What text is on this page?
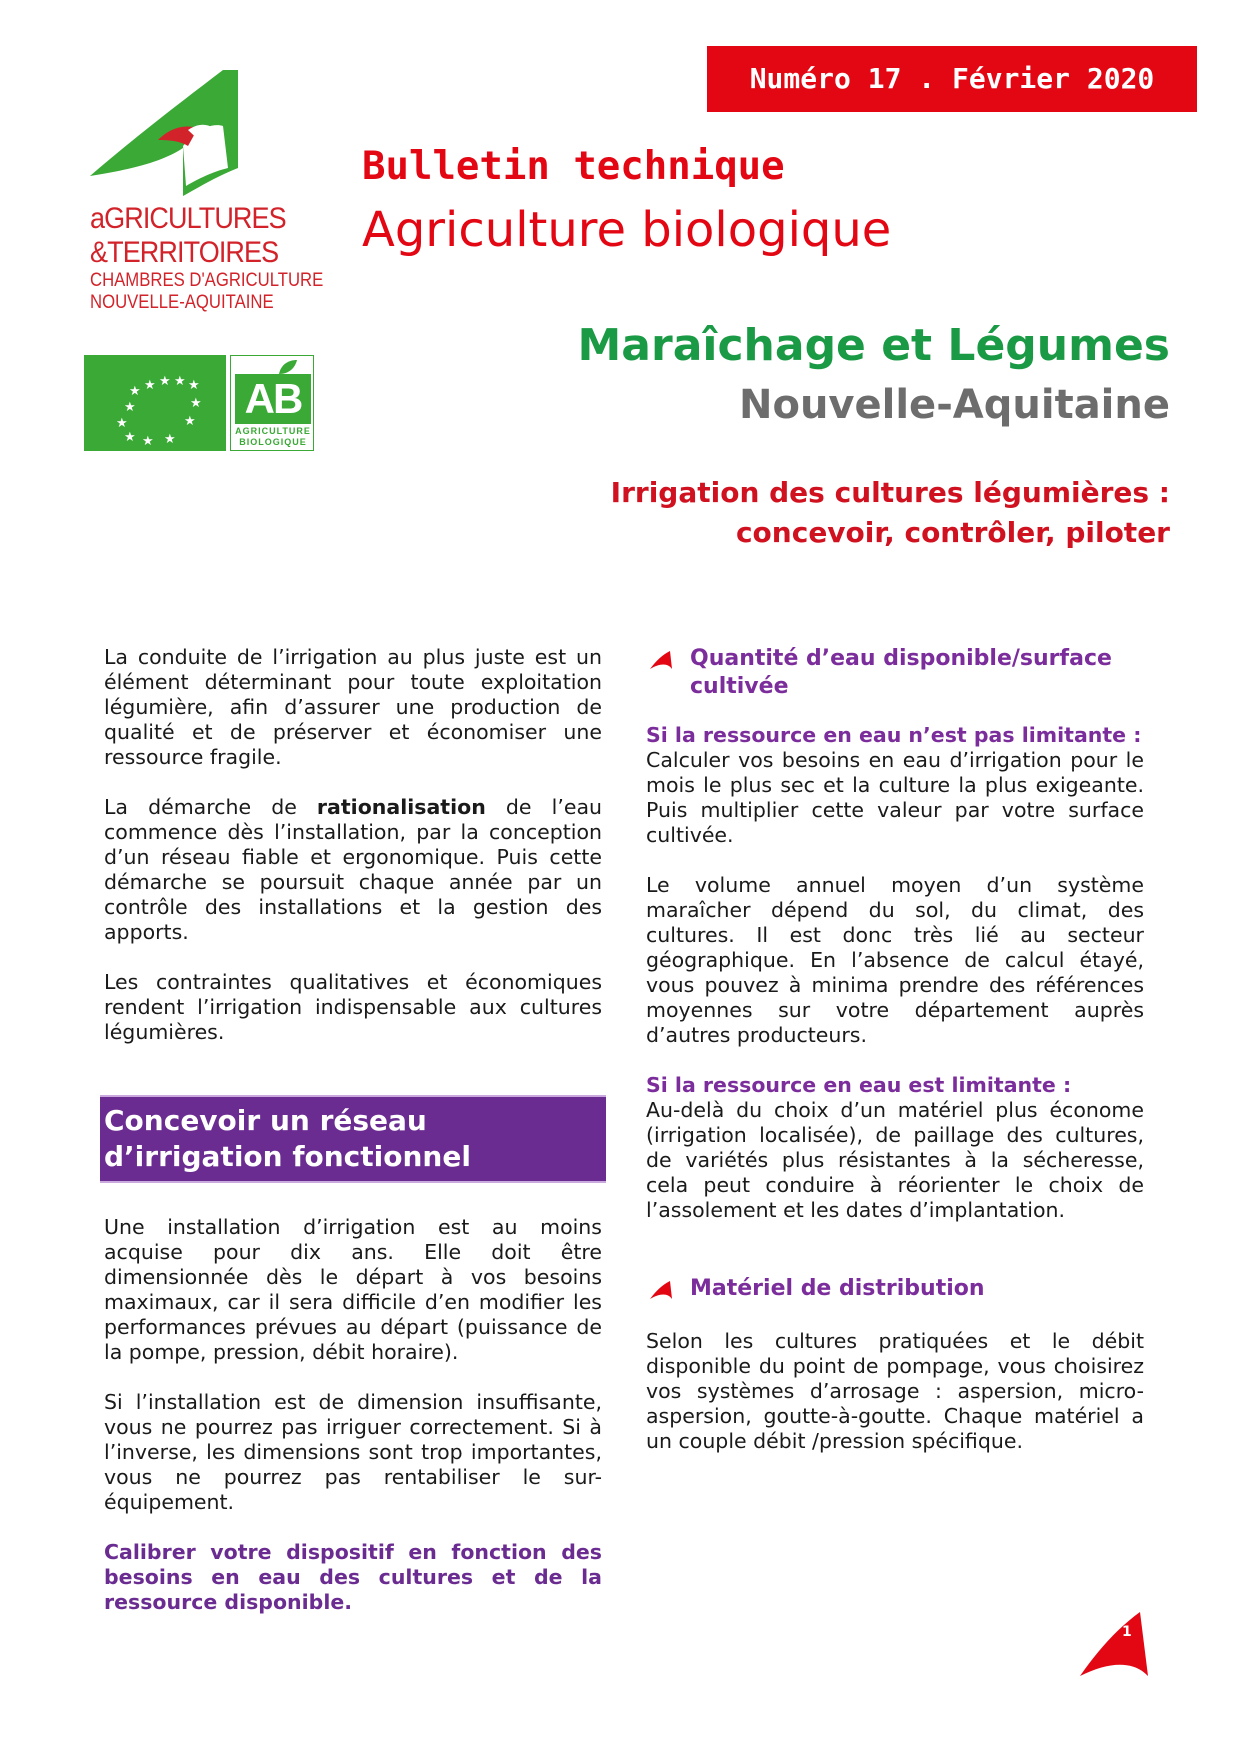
Numéro 17 . Février 2020
aGRICULTURES
&TERRITOIRES
CHAMBRES D'AGRICULTURE
NOUVELLE-AQUITAINE
★ ★ ★ ★ ★
★	★
★	★
★ ★ ★
AB
AGRICULTURE
BIOLOGIQUE
Bulletin technique
Agriculture biologique
Maraîchage et Légumes
Nouvelle-Aquitaine
Irrigation des cultures légumières :
concevoir, contrôler, piloter

La conduite de l’irrigation au plus juste est un élément déterminant pour toute exploitation légumière, afin d’assurer une production de qualité et de préserver et économiser une ressource fragile.

La démarche de rationalisation de l’eau commence dès l’installation, par la conception d’un réseau fiable et ergonomique. Puis cette démarche se poursuit chaque année par un contrôle des installations et la gestion des apports.

Les contraintes qualitatives et économiques rendent l’irrigation indispensable aux cultures légumières.

Concevoir un réseau
d’irrigation fonctionnel

Une installation d’irrigation est au moins acquise pour dix ans. Elle doit être dimensionnée dès le départ à vos besoins maximaux, car il sera difficile d’en modifier les performances prévues au départ (puissance de la pompe, pression, débit horaire).

Si l’installation est de dimension insuffisante, vous ne pourrez pas irriguer correctement. Si à l’inverse, les dimensions sont trop importantes, vous ne pourrez pas rentabiliser le sur-équipement.

Calibrer votre dispositif en fonction des besoins en eau des cultures et de la ressource disponible.

Quantité d’eau disponible/surface cultivée

Si la ressource en eau n’est pas limitante :

Calculer vos besoins en eau d’irrigation pour le mois le plus sec et la culture la plus exigeante. Puis multiplier cette valeur par votre surface cultivée.

Le volume annuel moyen d’un système maraîcher dépend du sol, du climat, des cultures. Il est donc très lié au secteur géographique. En l’absence de calcul étayé, vous pouvez à minima prendre des références moyennes sur votre département auprès d’autres producteurs.

Si la ressource en eau est limitante :

Au-delà du choix d’un matériel plus économe (irrigation localisée), de paillage des cultures, de variétés plus résistantes à la sécheresse, cela peut conduire à réorienter le choix de l’assolement et les dates d’implantation.

Matériel de distribution

Selon les cultures pratiquées et le débit disponible du point de pompage, vous choisirez vos systèmes d’arrosage : aspersion, micro-aspersion, goutte-à-goutte. Chaque matériel a un couple débit /pression spécifique.

1
